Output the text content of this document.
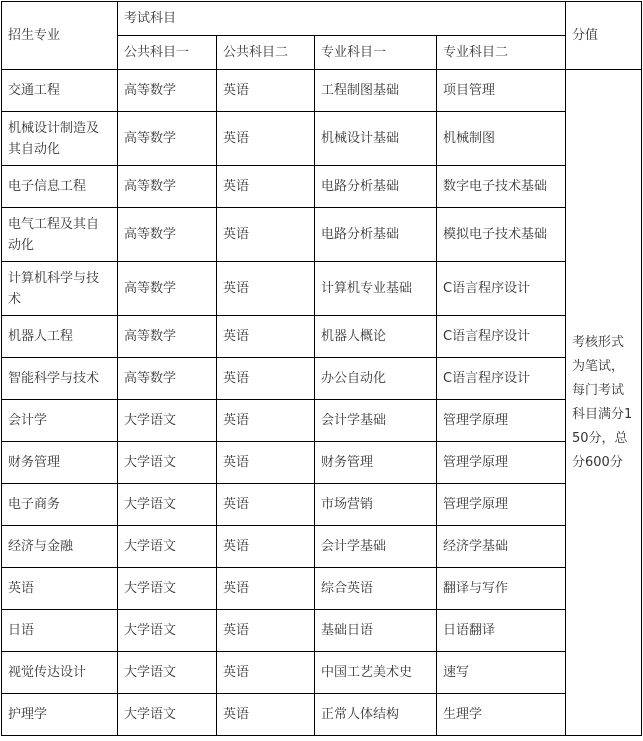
招生专业	考试科目				分值
	公共科目一	公共科目二	专业科目一	专业科目二	
交通工程	高等数学	英语	工程制图基础	项目管理	考核形式为笔试，每门考试科目满分150分，总分600分
机械设计制造及其自动化	高等数学	英语	机械设计基础	机械制图	
电子信息工程	高等数学	英语	电路分析基础	数字电子技术基础	
电气工程及其自动化	高等数学	英语	电路分析基础	模拟电子技术基础	
计算机科学与技术	高等数学	英语	计算机专业基础	C语言程序设计	
机器人工程	高等数学	英语	机器人概论	C语言程序设计	
智能科学与技术	高等数学	英语	办公自动化	C语言程序设计	
会计学	大学语文	英语	会计学基础	管理学原理	
财务管理	大学语文	英语	财务管理	管理学原理	
电子商务	大学语文	英语	市场营销	管理学原理	
经济与金融	大学语文	英语	会计学基础	经济学基础	
英语	大学语文	英语	综合英语	翻译与写作	
日语	大学语文	英语	基础日语	日语翻译	
视觉传达设计	大学语文	英语	中国工艺美术史	速写	
护理学	大学语文	英语	正常人体结构	生理学	
